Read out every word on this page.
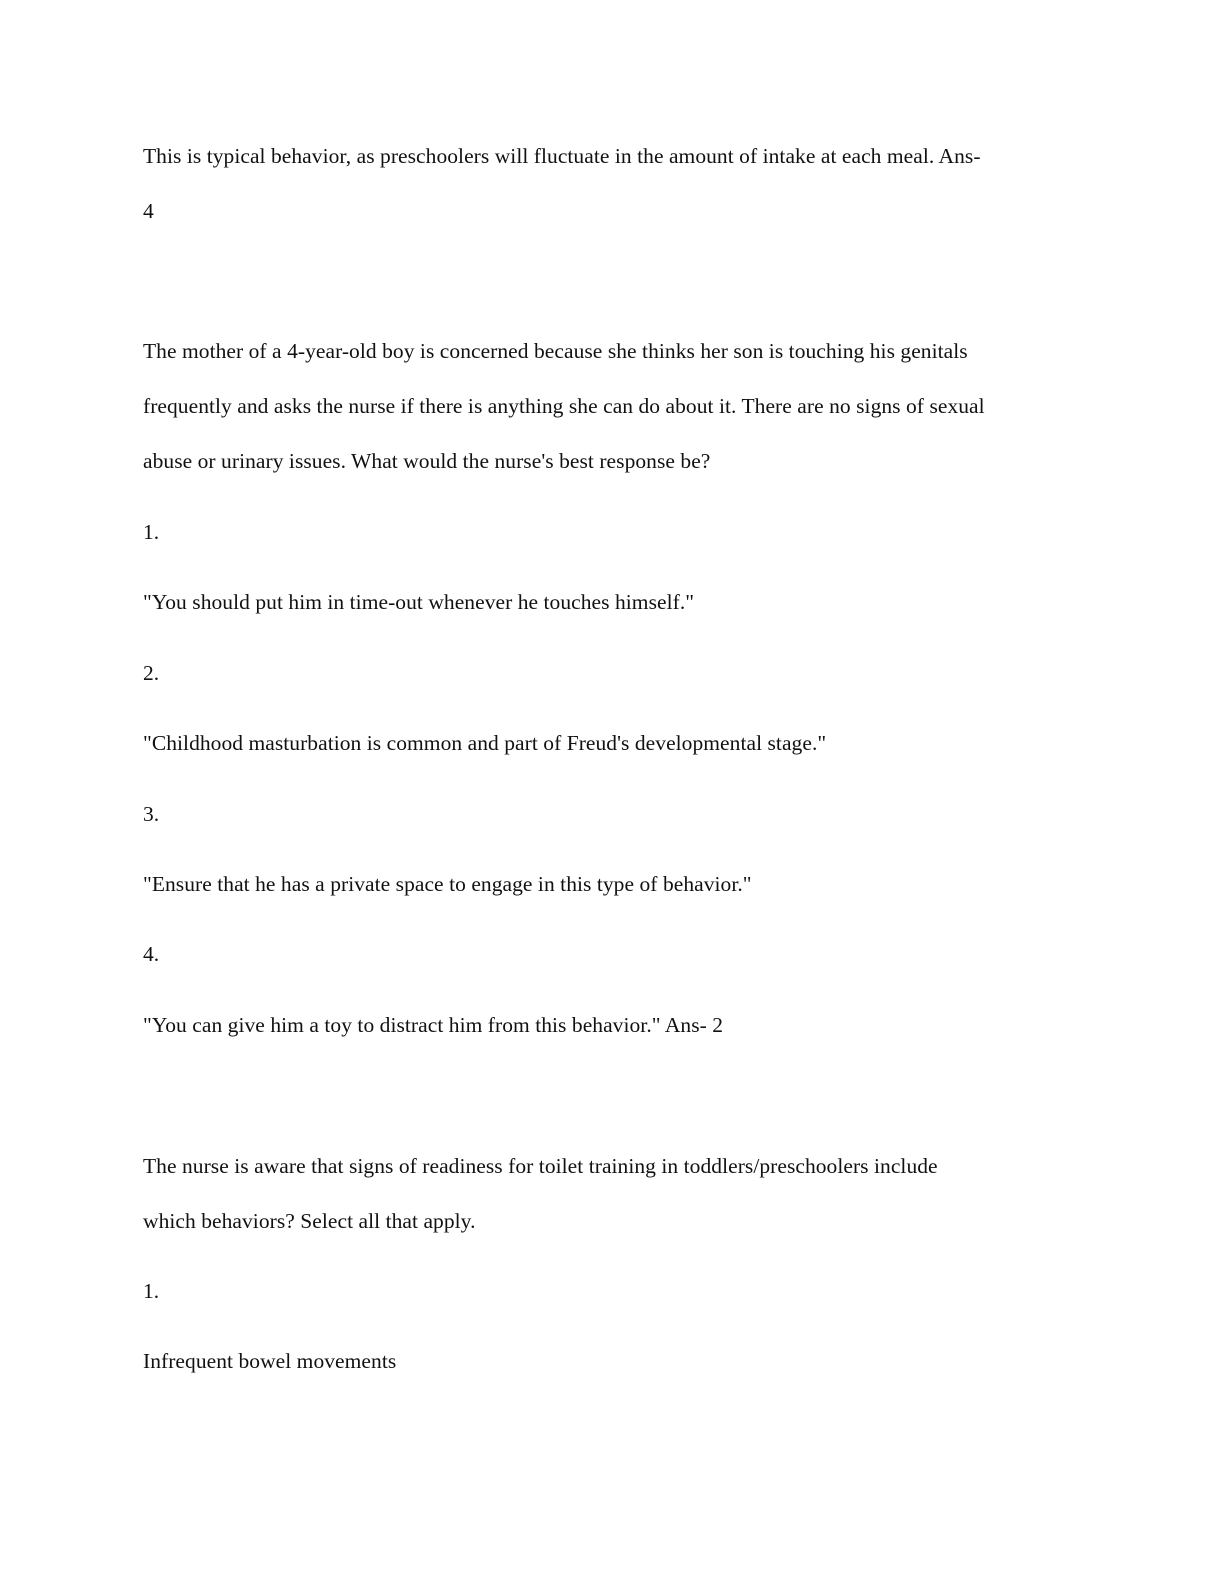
This is typical behavior, as preschoolers will fluctuate in the amount of intake at each meal. Ans-
4
The mother of a 4-year-old boy is concerned because she thinks her son is touching his genitals
frequently and asks the nurse if there is anything she can do about it. There are no signs of sexual
abuse or urinary issues. What would the nurse's best response be?
1.
"You should put him in time-out whenever he touches himself."
2.
"Childhood masturbation is common and part of Freud's developmental stage."
3.
"Ensure that he has a private space to engage in this type of behavior."
4.
"You can give him a toy to distract him from this behavior." Ans- 2
The nurse is aware that signs of readiness for toilet training in toddlers/preschoolers include
which behaviors? Select all that apply.
1.
Infrequent bowel movements
